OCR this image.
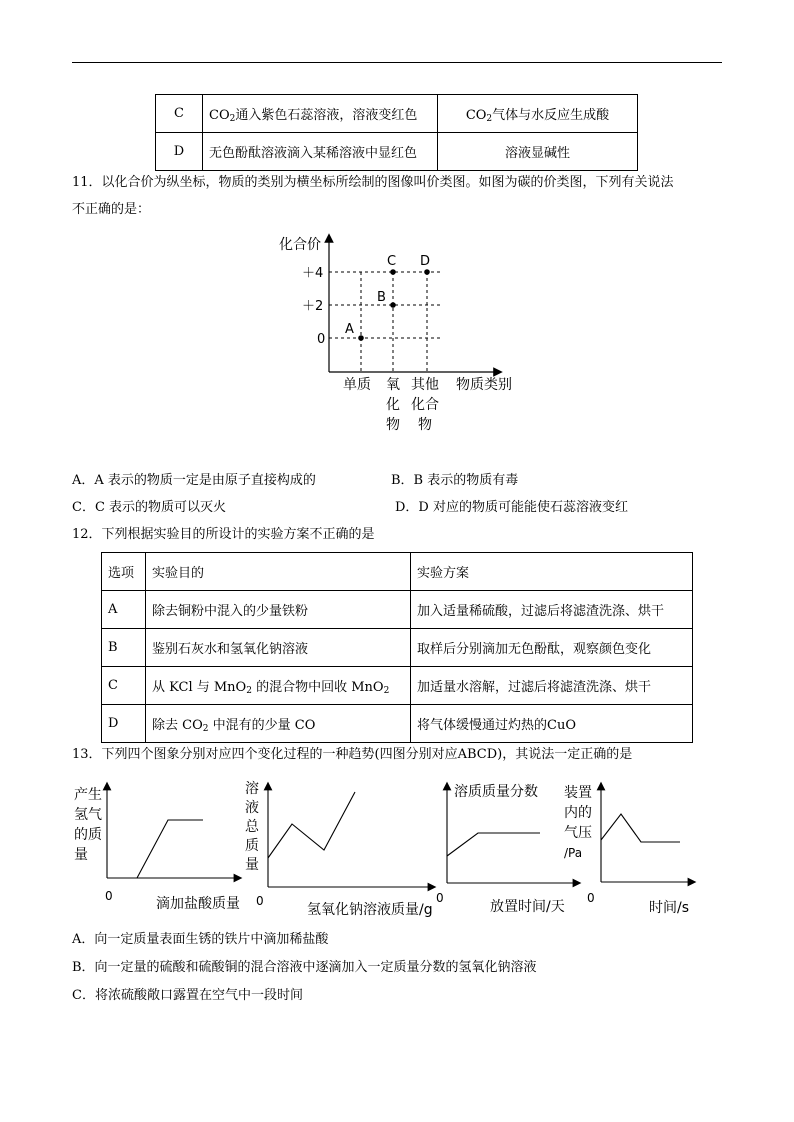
C	$CO_2$通入紫色石蕊溶液，溶液变红色	$CO_2$气体与水反应生成酸
D	无色酚酞溶液滴入某稀溶液中显红色	溶液显碱性
11．以化合价为纵坐标，物质的类别为横坐标所绘制的图像叫价类图。如图为碳的价类图，下列有关说法
不正确的是：
化合价
＋4
＋2
0
A
B
C D
单质 氧
化
物
其他
化合
物
物质类别
A．A 表示的物质一定是由原子直接构成的	B．B 表示的物质有毒
C．C 表示的物质可以灭火	D．D 对应的物质可能能使石蕊溶液变红
12．下列根据实验目的所设计的实验方案不正确的是
选项	实验目的	实验方案
A	除去铜粉中混入的少量铁粉	加入适量稀硫酸，过滤后将滤渣洗涤、烘干
B	鉴别石灰水和氢氧化钠溶液	取样后分别滴加无色酚酞，观察颜色变化
C	从 KCl 与 MnO$_2$ 的混合物中回收 MnO$_2$	加适量水溶解，过滤后将滤渣洗涤、烘干
D	除去 $CO_2$ 中混有的少量 CO	将气体缓慢通过灼热的CuO
13．下列四个图象分别对应四个变化过程的一种趋势(四图分别对应ABCD)，其说法一定正确的是
产生
氢气
的质
量
0	滴加盐酸质量
溶
液
总
质
量
0
氢氧化钠溶液质量/g
溶质质量分数
0
放置时间/天
装置
内的
气压
/Pa
0
时间/s
A．向一定质量表面生锈的铁片中滴加稀盐酸
B．向一定量的硫酸和硫酸铜的混合溶液中逐滴加入一定质量分数的氢氧化钠溶液
C．将浓硫酸敞口露置在空气中一段时间
